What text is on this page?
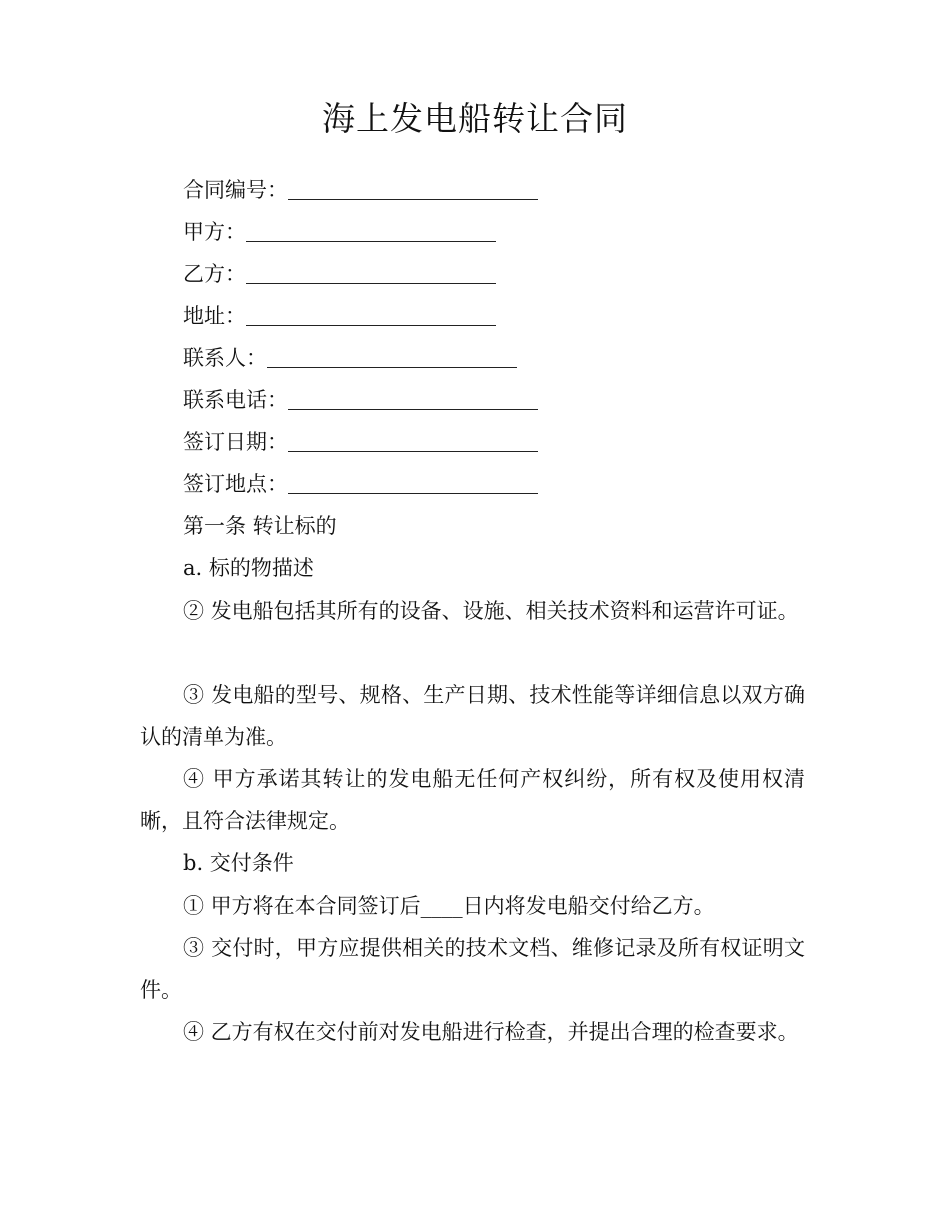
海上发电船转让合同
合同编号：
甲方：
乙方：
地址：
联系人：
联系电话：
签订日期：
签订地点：
第一条 转让标的
a. 标的物描述
② 发电船包括其所有的设备、设施、相关技术资料和运营许可证。
③ 发电船的型号、规格、生产日期、技术性能等详细信息以双方确认的清单为准。
④ 甲方承诺其转让的发电船无任何产权纠纷，所有权及使用权清晰，且符合法律规定。
b. 交付条件
① 甲方将在本合同签订后____日内将发电船交付给乙方。
③ 交付时，甲方应提供相关的技术文档、维修记录及所有权证明文件。
④ 乙方有权在交付前对发电船进行检查，并提出合理的检查要求。
